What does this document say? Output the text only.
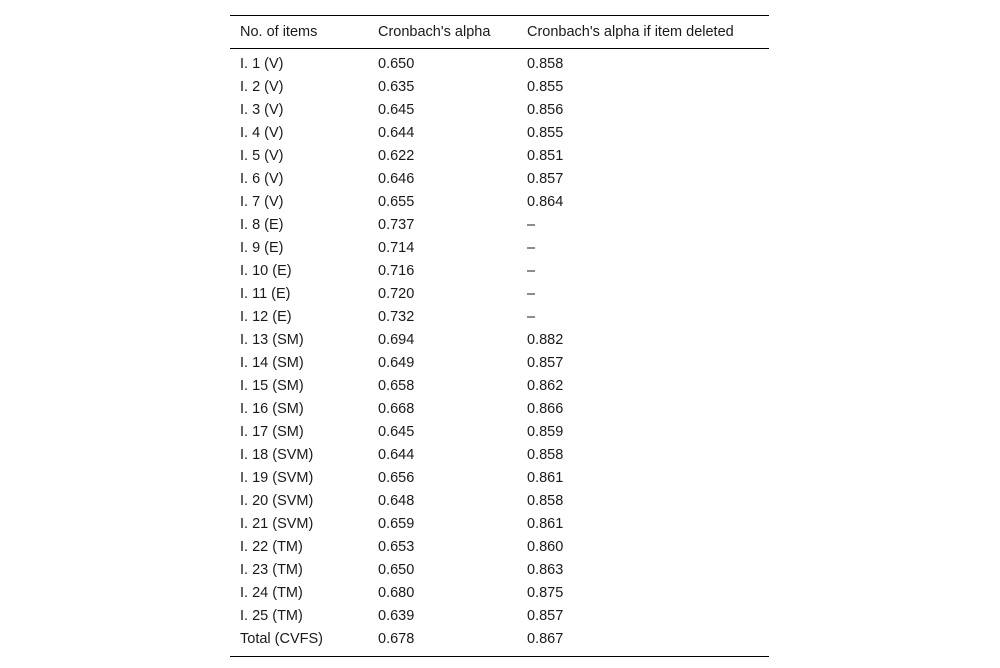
No. of items	Cronbach's alpha	Cronbach's alpha if item deleted
I. 1 (V)	0.650	0.858
I. 2 (V)	0.635	0.855
I. 3 (V)	0.645	0.856
I. 4 (V)	0.644	0.855
I. 5 (V)	0.622	0.851
I. 6 (V)	0.646	0.857
I. 7 (V)	0.655	0.864
I. 8 (E)	0.737	–
I. 9 (E)	0.714	–
I. 10 (E)	0.716	–
I. 11 (E)	0.720	–
I. 12 (E)	0.732	–
I. 13 (SM)	0.694	0.882
I. 14 (SM)	0.649	0.857
I. 15 (SM)	0.658	0.862
I. 16 (SM)	0.668	0.866
I. 17 (SM)	0.645	0.859
I. 18 (SVM)	0.644	0.858
I. 19 (SVM)	0.656	0.861
I. 20 (SVM)	0.648	0.858
I. 21 (SVM)	0.659	0.861
I. 22 (TM)	0.653	0.860
I. 23 (TM)	0.650	0.863
I. 24 (TM)	0.680	0.875
I. 25 (TM)	0.639	0.857
Total (CVFS)	0.678	0.867
